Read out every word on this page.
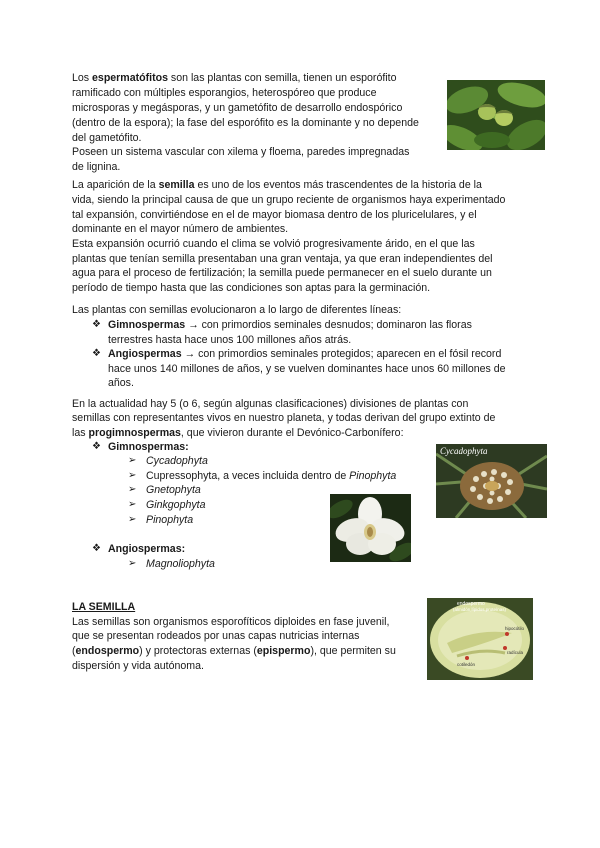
Los espermatófitos son las plantas con semilla, tienen un esporófito

ramificado con múltiples esporangios, heterospóreo que produce

microsporas y megásporas, y un gametófito de desarrollo endospórico

(dentro de la espora); la fase del esporófito es la dominante y no depende

del gametófito.

Poseen un sistema vascular con xilema y floema, paredes impregnadas

de lignina.

La aparición de la semilla es uno de los eventos más trascendentes de la historia de la

vida, siendo la principal causa de que un grupo reciente de organismos haya experimentado

tal expansión, convirtiéndose en el de mayor biomasa dentro de los pluricelulares, y el

dominante en el mayor número de ambientes.

Esta expansión ocurrió cuando el clima se volvió progresivamente árido, en el que las

plantas que tenían semilla presentaban una gran ventaja, ya que eran independientes del

agua para el proceso de fertilización; la semilla puede permanecer en el suelo durante un

período de tiempo hasta que las condiciones son aptas para la germinación.

Las plantas con semillas evolucionaron a lo largo de diferentes líneas:

❖ Gimnospermas → con primordios seminales desnudos; dominaron las floras

terrestres hasta hace unos 100 millones años atrás.

❖ Angiospermas → con primordios seminales protegidos; aparecen en el fósil record

hace unos 140 millones de años, y se vuelven dominantes hace unos 60 millones de

años.

En la actualidad hay 5 (o 6, según algunas clasificaciones) divisiones de plantas con

semillas con representantes vivos en nuestro planeta, y todas derivan del grupo extinto de

las progimnospermas, que vivieron durante el Devónico-Carbonífero:

❖ Gimnospermas:

➢ Cycadophyta

➢ Cupressophyta, a veces incluida dentro de Pinophyta

➢ Gnetophyta

➢ Ginkgophyta

➢ Pinophyta

❖ Angiospermas:

➢ Magnoliophyta

Cycadophyta

LA SEMILLA

Las semillas son organismos esporofíticos diploides en fase juvenil,

que se presentan rodeados por unas capas nutricias internas

(endospermo) y protectoras externas (epispermo), que permiten su

dispersión y vida autónoma.

endospermo
(almidón,lípidos,proteínas)
hipocótilo
radícula
cotiledón
